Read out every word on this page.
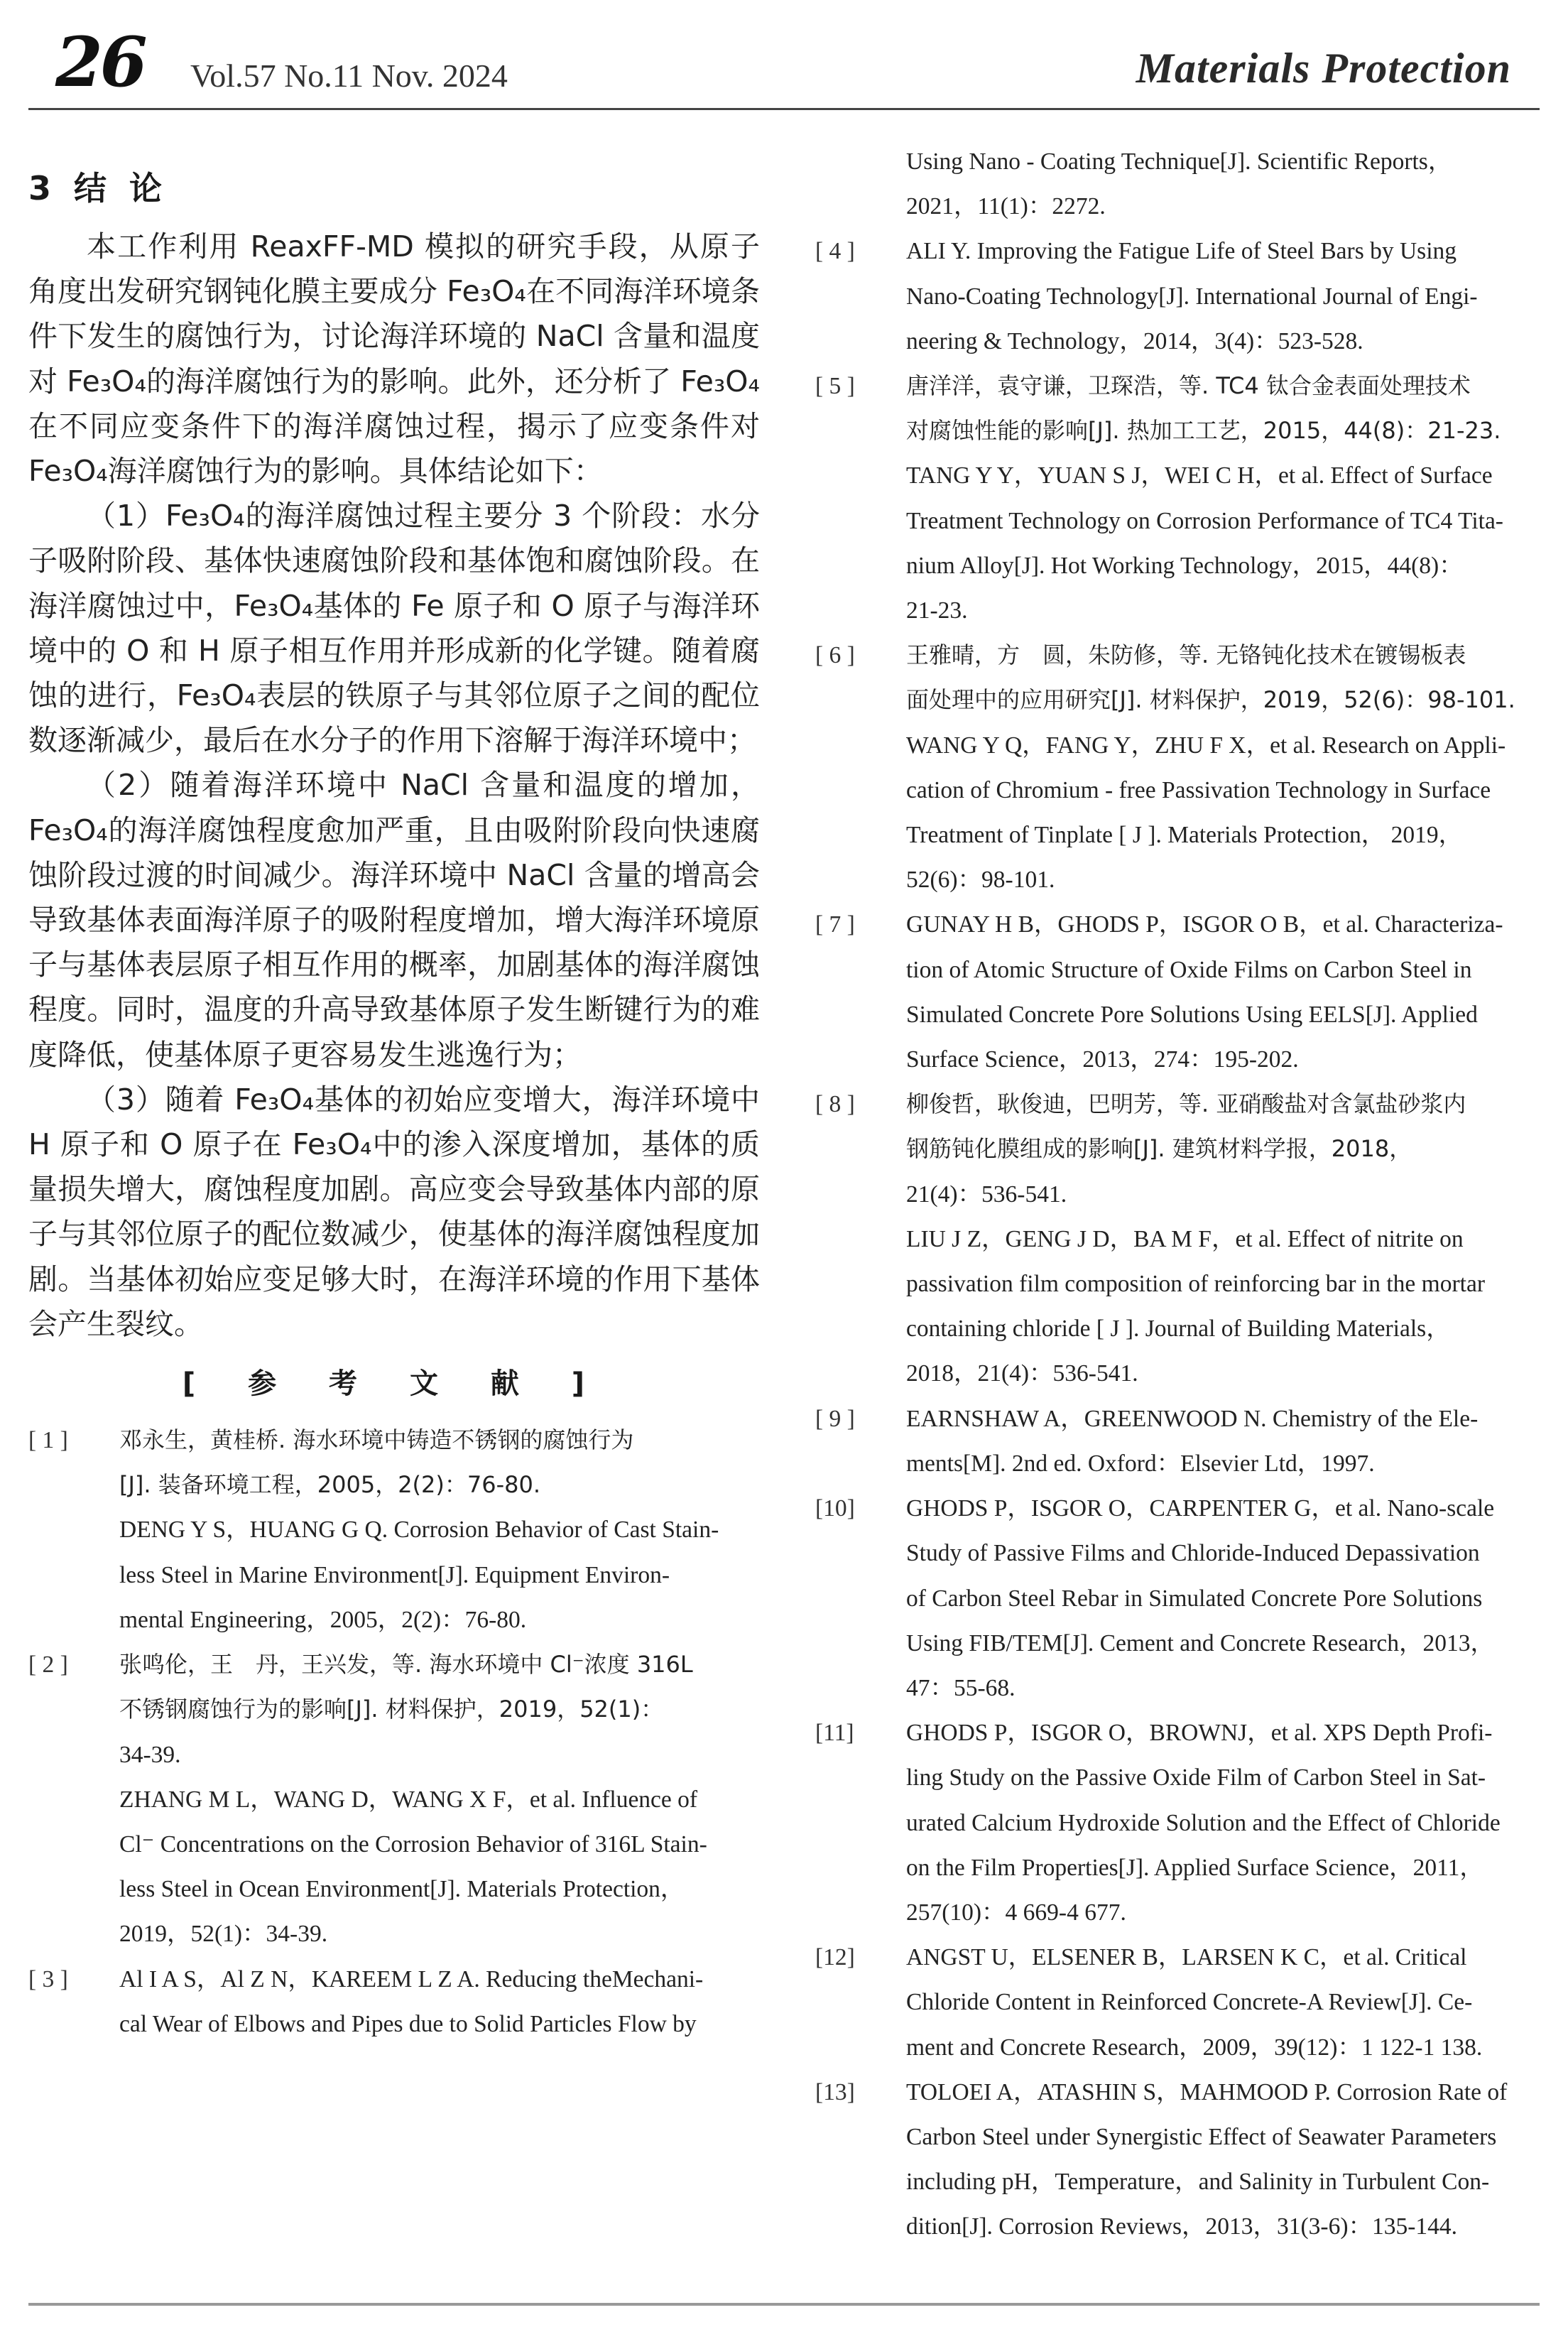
26 Vol.57 No.11 Nov. 2024	Materials Protection
3 结 论

本工作利用 ReaxFF-MD 模拟的研究手段，从原子角度出发研究钢钝化膜主要成分 Fe₃O₄在不同海洋环境条件下发生的腐蚀行为，讨论海洋环境的 NaCl 含量和温度对 Fe₃O₄的海洋腐蚀行为的影响。此外，还分析了 Fe₃O₄在不同应变条件下的海洋腐蚀过程，揭示了应变条件对 Fe₃O₄海洋腐蚀行为的影响。具体结论如下：

（1）Fe₃O₄的海洋腐蚀过程主要分 3 个阶段：水分子吸附阶段、基体快速腐蚀阶段和基体饱和腐蚀阶段。在海洋腐蚀过中，Fe₃O₄基体的 Fe 原子和 O 原子与海洋环境中的 O 和 H 原子相互作用并形成新的化学键。随着腐蚀的进行，Fe₃O₄表层的铁原子与其邻位原子之间的配位数逐渐减少，最后在水分子的作用下溶解于海洋环境中；

（2）随着海洋环境中 NaCl 含量和温度的增加，Fe₃O₄的海洋腐蚀程度愈加严重，且由吸附阶段向快速腐蚀阶段过渡的时间减少。海洋环境中 NaCl 含量的增高会导致基体表面海洋原子的吸附程度增加，增大海洋环境原子与基体表层原子相互作用的概率，加剧基体的海洋腐蚀程度。同时，温度的升高导致基体原子发生断键行为的难度降低，使基体原子更容易发生逃逸行为；

（3）随着 Fe₃O₄基体的初始应变增大，海洋环境中 H 原子和 O 原子在 Fe₃O₄中的渗入深度增加，基体的质量损失增大，腐蚀程度加剧。高应变会导致基体内部的原子与其邻位原子的配位数减少，使基体的海洋腐蚀程度加剧。当基体初始应变足够大时，在海洋环境的作用下基体会产生裂纹。

[ 参 考 文 献 ]
[ 1 ]	邓永生，黄桂桥. 海水环境中铸造不锈钢的腐蚀行为
[J]. 装备环境工程，2005，2(2)：76-80.
DENG Y S，HUANG G Q. Corrosion Behavior of Cast Stain-
less Steel in Marine Environment[J]. Equipment Environ-
mental Engineering，2005，2(2)：76-80.
[ 2 ]	张鸣伦，王　丹，王兴发，等. 海水环境中 Cl⁻浓度 316L
不锈钢腐蚀行为的影响[J]. 材料保护，2019，52(1)：
34-39.
ZHANG M L，WANG D，WANG X F，et al. Influence of
Cl⁻ Concentrations on the Corrosion Behavior of 316L Stain-
less Steel in Ocean Environment[J]. Materials Protection，
2019，52(1)：34-39.
[ 3 ]	Al I A S，Al Z N，KAREEM L Z A. Reducing theMechani-
cal Wear of Elbows and Pipes due to Solid Particles Flow by
Using Nano - Coating Technique[J]. Scientific Reports，
2021，11(1)：2272.
[ 4 ]	ALI Y. Improving the Fatigue Life of Steel Bars by Using
Nano-Coating Technology[J]. International Journal of Engi-
neering & Technology，2014，3(4)：523-528.
[ 5 ]	唐洋洋，袁守谦，卫琛浩，等. TC4 钛合金表面处理技术
对腐蚀性能的影响[J]. 热加工工艺，2015，44(8)：21-23.
TANG Y Y，YUAN S J，WEI C H，et al. Effect of Surface
Treatment Technology on Corrosion Performance of TC4 Tita-
nium Alloy[J]. Hot Working Technology，2015，44(8)：
21-23.
[ 6 ]	王雅晴，方　圆，朱防修，等. 无铬钝化技术在镀锡板表
面处理中的应用研究[J]. 材料保护，2019，52(6)：98-101.
WANG Y Q，FANG Y，ZHU F X，et al. Research on Appli-
cation of Chromium - free Passivation Technology in Surface
Treatment of Tinplate [ J ]. Materials Protection， 2019，
52(6)：98-101.
[ 7 ]	GUNAY H B，GHODS P，ISGOR O B，et al. Characteriza-
tion of Atomic Structure of Oxide Films on Carbon Steel in
Simulated Concrete Pore Solutions Using EELS[J]. Applied
Surface Science，2013，274：195-202.
[ 8 ]	柳俊哲，耿俊迪，巴明芳，等. 亚硝酸盐对含氯盐砂浆内
钢筋钝化膜组成的影响[J]. 建筑材料学报，2018，
21(4)：536-541.
LIU J Z，GENG J D，BA M F，et al. Effect of nitrite on
passivation film composition of reinforcing bar in the mortar
containing chloride [ J ]. Journal of Building Materials，
2018，21(4)：536-541.
[ 9 ]	EARNSHAW A，GREENWOOD N. Chemistry of the Ele-
ments[M]. 2nd ed. Oxford：Elsevier Ltd，1997.
[10]	GHODS P，ISGOR O，CARPENTER G，et al. Nano-scale
Study of Passive Films and Chloride-Induced Depassivation
of Carbon Steel Rebar in Simulated Concrete Pore Solutions
Using FIB/TEM[J]. Cement and Concrete Research，2013，
47：55-68.
[11]	GHODS P，ISGOR O，BROWNJ，et al. XPS Depth Profi-
ling Study on the Passive Oxide Film of Carbon Steel in Sat-
urated Calcium Hydroxide Solution and the Effect of Chloride
on the Film Properties[J]. Applied Surface Science，2011，
257(10)：4 669-4 677.
[12]	ANGST U，ELSENER B，LARSEN K C，et al. Critical
Chloride Content in Reinforced Concrete-A Review[J]. Ce-
ment and Concrete Research，2009，39(12)：1 122-1 138.
[13]	TOLOEI A，ATASHIN S，MAHMOOD P. Corrosion Rate of
Carbon Steel under Synergistic Effect of Seawater Parameters
including pH，Temperature，and Salinity in Turbulent Con-
dition[J]. Corrosion Reviews，2013，31(3-6)：135-144.
